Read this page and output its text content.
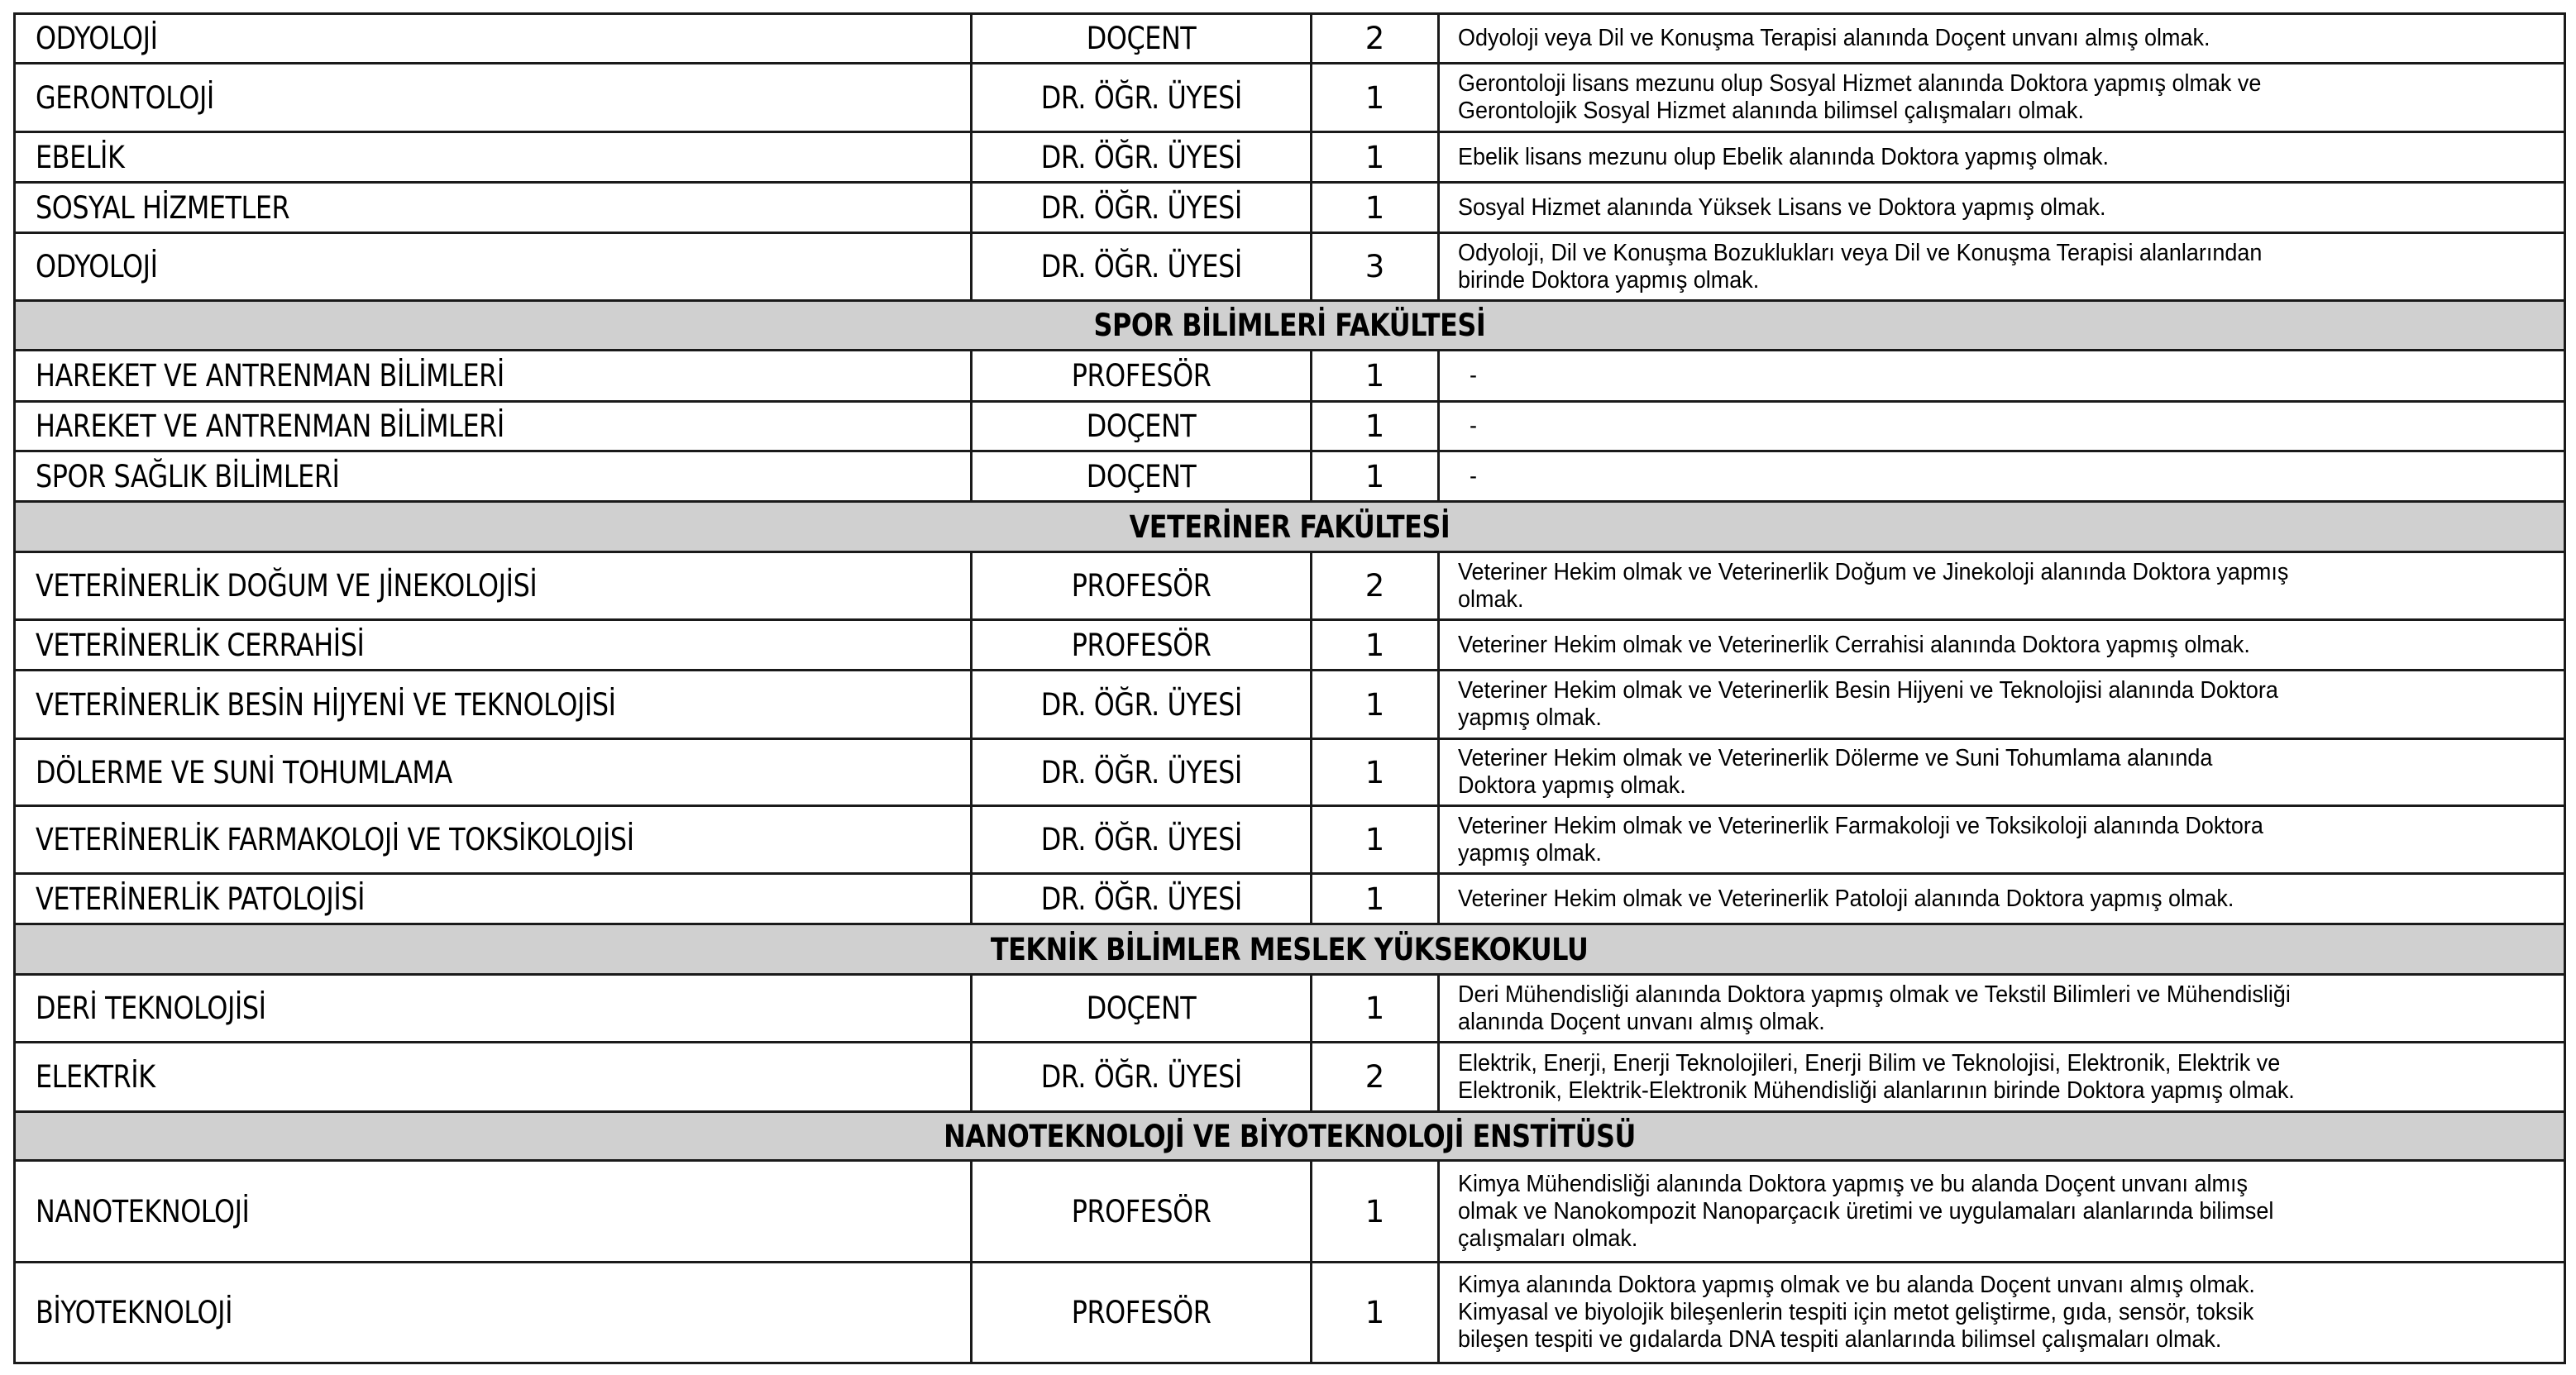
ODYOLOJİ	DOÇENT	2	Odyoloji veya Dil ve Konuşma Terapisi alanında Doçent unvanı almış olmak.

GERONTOLOJİ	DR. ÖĞR. ÜYESİ	1	Gerontoloji lisans mezunu olup Sosyal Hizmet alanında Doktora yapmış olmak ve
Gerontolojik Sosyal Hizmet alanında bilimsel çalışmaları olmak.

EBELİK	DR. ÖĞR. ÜYESİ	1	Ebelik lisans mezunu olup Ebelik alanında Doktora yapmış olmak.

SOSYAL HİZMETLER	DR. ÖĞR. ÜYESİ	1	Sosyal Hizmet alanında Yüksek Lisans ve Doktora yapmış olmak.

ODYOLOJİ	DR. ÖĞR. ÜYESİ	3	Odyoloji, Dil ve Konuşma Bozuklukları veya Dil ve Konuşma Terapisi alanlarından
birinde Doktora yapmış olmak.

SPOR BİLİMLERİ FAKÜLTESİ			
HAREKET VE ANTRENMAN BİLİMLERİ	PROFESÖR	1	-

HAREKET VE ANTRENMAN BİLİMLERİ	DOÇENT	1	-

SPOR SAĞLIK BİLİMLERİ	DOÇENT	1	-

VETERİNER FAKÜLTESİ			
VETERİNERLİK DOĞUM VE JİNEKOLOJİSİ	PROFESÖR	2	Veteriner Hekim olmak ve Veterinerlik Doğum ve Jinekoloji alanında Doktora yapmış
olmak.

VETERİNERLİK CERRAHİSİ	PROFESÖR	1	Veteriner Hekim olmak ve Veterinerlik Cerrahisi alanında Doktora yapmış olmak.

VETERİNERLİK BESİN HİJYENİ VE TEKNOLOJİSİ	DR. ÖĞR. ÜYESİ	1	Veteriner Hekim olmak ve Veterinerlik Besin Hijyeni ve Teknolojisi alanında Doktora
yapmış olmak.

DÖLERME VE SUNİ TOHUMLAMA	DR. ÖĞR. ÜYESİ	1	Veteriner Hekim olmak ve Veterinerlik Dölerme ve Suni Tohumlama alanında
Doktora yapmış olmak.

VETERİNERLİK FARMAKOLOJİ VE TOKSİKOLOJİSİ	DR. ÖĞR. ÜYESİ	1	Veteriner Hekim olmak ve Veterinerlik Farmakoloji ve Toksikoloji alanında Doktora
yapmış olmak.

VETERİNERLİK PATOLOJİSİ	DR. ÖĞR. ÜYESİ	1	Veteriner Hekim olmak ve Veterinerlik Patoloji alanında Doktora yapmış olmak.

TEKNİK BİLİMLER MESLEK YÜKSEKOKULU			
DERİ TEKNOLOJİSİ	DOÇENT	1	Deri Mühendisliği alanında Doktora yapmış olmak ve Tekstil Bilimleri ve Mühendisliği
alanında Doçent unvanı almış olmak.

ELEKTRİK	DR. ÖĞR. ÜYESİ	2	Elektrik, Enerji, Enerji Teknolojileri, Enerji Bilim ve Teknolojisi, Elektronik, Elektrik ve
Elektronik, Elektrik-Elektronik Mühendisliği alanlarının birinde Doktora yapmış olmak.

NANOTEKNOLOJİ VE BİYOTEKNOLOJİ ENSTİTÜSÜ			
NANOTEKNOLOJİ	PROFESÖR	1	Kimya Mühendisliği alanında Doktora yapmış ve bu alanda Doçent unvanı almış
olmak ve Nanokompozit Nanoparçacık üretimi ve uygulamaları alanlarında bilimsel
çalışmaları olmak.

BİYOTEKNOLOJİ	PROFESÖR	1	Kimya alanında Doktora yapmış olmak ve bu alanda Doçent unvanı almış olmak.
Kimyasal ve biyolojik bileşenlerin tespiti için metot geliştirme, gıda, sensör, toksik
bileşen tespiti ve gıdalarda DNA tespiti alanlarında bilimsel çalışmaları olmak.
